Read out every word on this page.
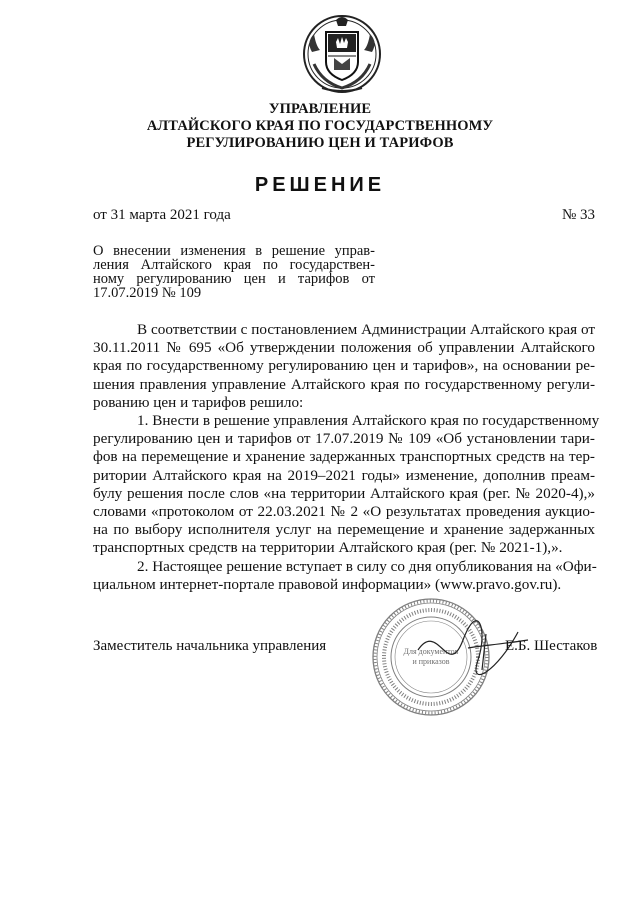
УПРАВЛЕНИЕ
АЛТАЙСКОГО КРАЯ ПО ГОСУДАРСТВЕННОМУ
РЕГУЛИРОВАНИЮ ЦЕН И ТАРИФОВ
РЕШЕНИЕ
от 31 марта 2021 года	№ 33
О внесении изменения в решение управ-
ления Алтайского края по государствен-
ному регулированию цен и тарифов от
17.07.2019 № 109
В соответствии с постановлением Администрации Алтайского края от
30.11.2011 № 695 «Об утверждении положения об управлении Алтайского
края по государственному регулированию цен и тарифов», на основании ре-
шения правления управление Алтайского края по государственному регули-
рованию цен и тарифов решило:
1. Внести в решение управления Алтайского края по государственному
регулированию цен и тарифов от 17.07.2019 № 109 «Об установлении тари-
фов на перемещение и хранение задержанных транспортных средств на тер-
ритории Алтайского края на 2019–2021 годы» изменение, дополнив преам-
булу решения после слов «на территории Алтайского края (рег. № 2020-4),»
словами «протоколом от 22.03.2021 № 2 «О результатах проведения аукцио-
на по выбору исполнителя услуг на перемещение и хранение задержанных
транспортных средств на территории Алтайского края (рег. № 2021-1),».
2. Настоящее решение вступает в силу со дня опубликования на «Офи-
циальном интернет-портале правовой информации» (www.pravo.gov.ru).
Для документов
и приказов
Заместитель начальника управления	Е.Б. Шестаков
